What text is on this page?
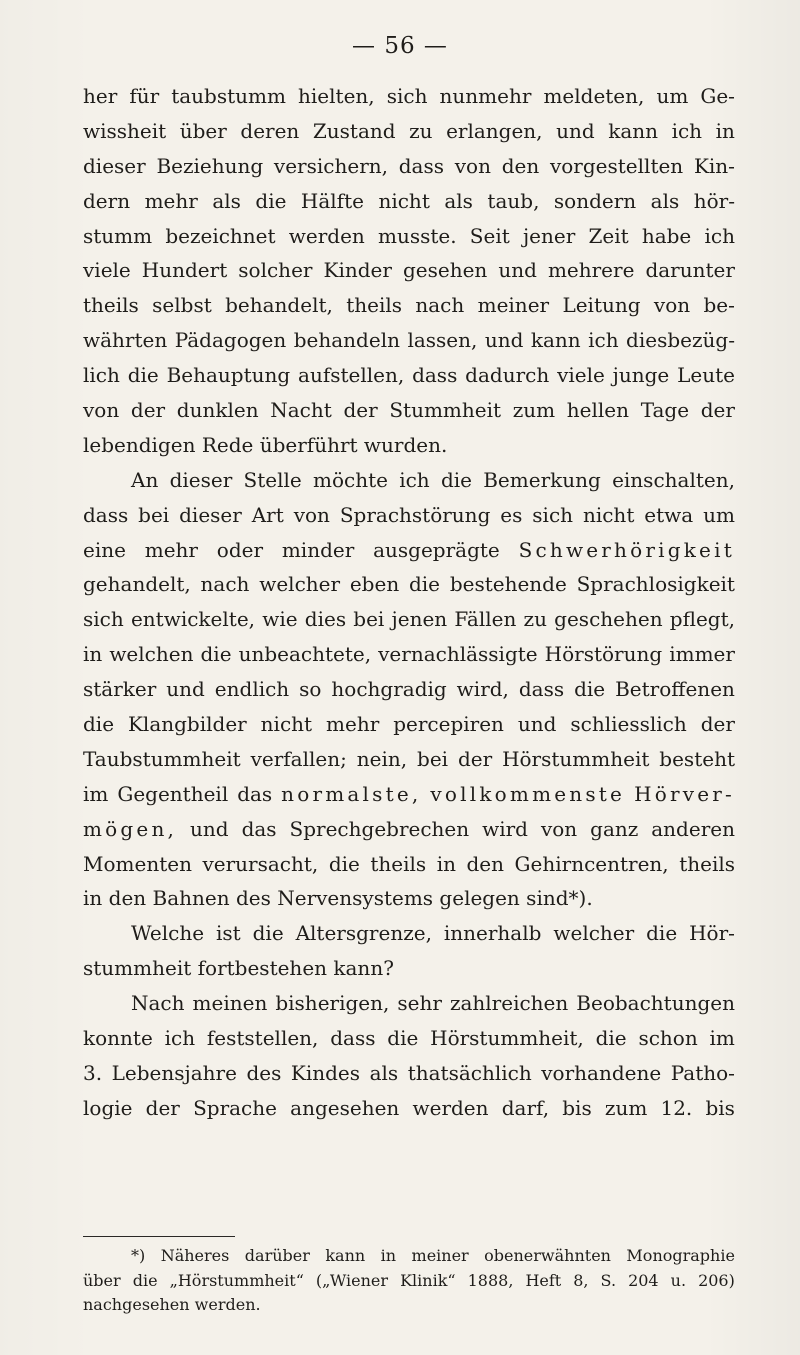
— 56 —
her für taubstumm hielten, sich nunmehr meldeten, um Ge-
wissheit über deren Zustand zu erlangen, und kann ich in
dieser Beziehung versichern, dass von den vorgestellten Kin-
dern mehr als die Hälfte nicht als taub, sondern als hör-
stumm bezeichnet werden musste. Seit jener Zeit habe ich
viele Hundert solcher Kinder gesehen und mehrere darunter
theils selbst behandelt, theils nach meiner Leitung von be-
währten Pädagogen behandeln lassen, und kann ich diesbezüg-
lich die Behauptung aufstellen, dass dadurch viele junge Leute
von der dunklen Nacht der Stummheit zum hellen Tage der
lebendigen Rede überführt wurden.
An dieser Stelle möchte ich die Bemerkung einschalten,
dass bei dieser Art von Sprachstörung es sich nicht etwa um
eine mehr oder minder ausgeprägte Schwerhörigkeit
gehandelt, nach welcher eben die bestehende Sprachlosigkeit
sich entwickelte, wie dies bei jenen Fällen zu geschehen pflegt,
in welchen die unbeachtete, vernachlässigte Hörstörung immer
stärker und endlich so hochgradig wird, dass die Betroffenen
die Klangbilder nicht mehr percepiren und schliesslich der
Taubstummheit verfallen; nein, bei der Hörstummheit besteht
im Gegentheil das normalste, vollkommenste Hörver-
mögen, und das Sprechgebrechen wird von ganz anderen
Momenten verursacht, die theils in den Gehirncentren, theils
in den Bahnen des Nervensystems gelegen sind*).
Welche ist die Altersgrenze, innerhalb welcher die Hör-
stummheit fortbestehen kann?
Nach meinen bisherigen, sehr zahlreichen Beobachtungen
konnte ich feststellen, dass die Hörstummheit, die schon im
3. Lebensjahre des Kindes als thatsächlich vorhandene Patho-
logie der Sprache angesehen werden darf, bis zum 12. bis
*) Näheres darüber kann in meiner obenerwähnten Monographie
über die „Hörstummheit“ („Wiener Klinik“ 1888, Heft 8, S. 204 u. 206)
nachgesehen werden.
